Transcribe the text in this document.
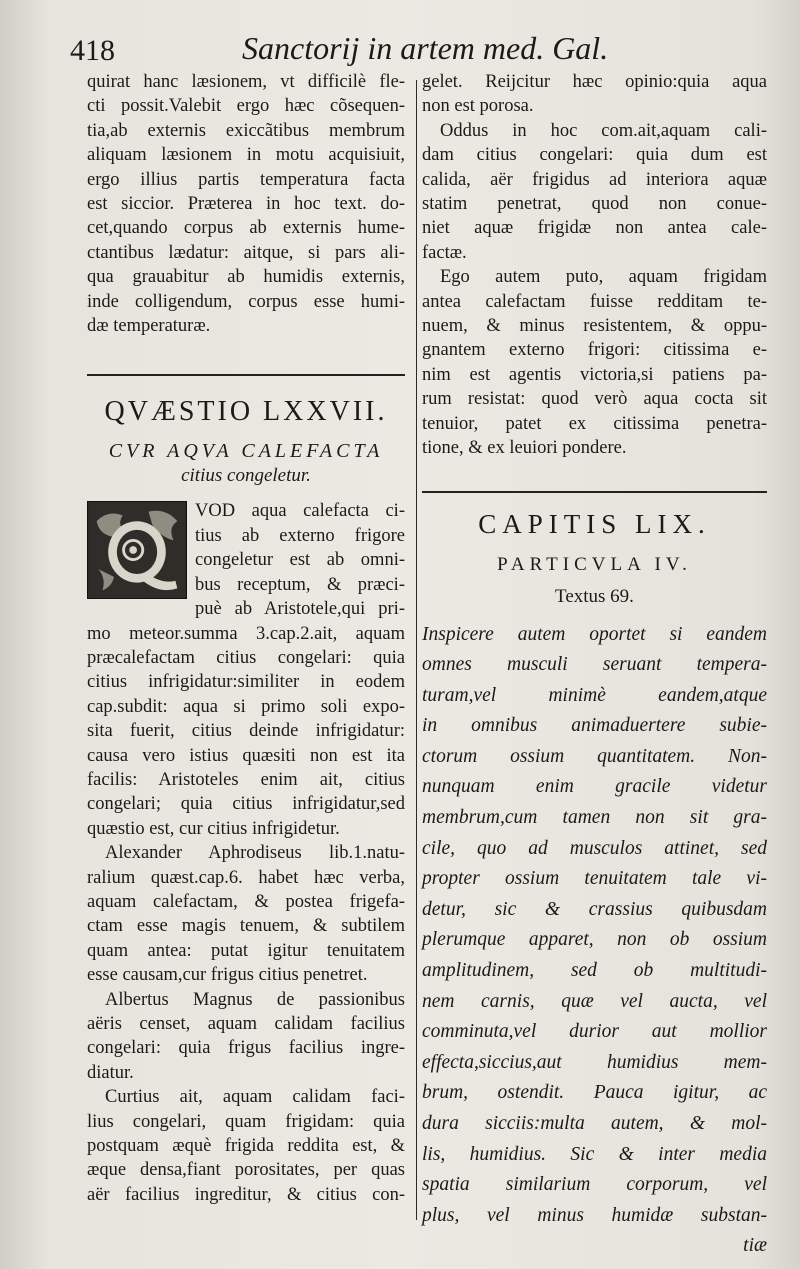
418	Sanctorij in artem med. Gal.
quirat hanc læsionem, vt difficilè fle-
cti possit.Valebit ergo hæc cõsequen-
tia,ab externis exiccãtibus membrum
aliquam læsionem in motu acquisiuit,
ergo illius partis temperatura facta
est siccior. Præterea in hoc text. do-
cet,quando corpus ab externis hume-
ctantibus lædatur: aitque, si pars ali-
qua grauabitur ab humidis externis,
inde colligendum, corpus esse humi-
dæ temperaturæ.

QVÆSTIO LXXVII.

CVR AQVA CALEFACTA

citius congeletur.

VOD aqua calefacta ci-
tius ab externo frigore
congeletur est ab omni-
bus receptum, & præci-
puè ab Aristotele,qui pri-
mo meteor.summa 3.cap.2.ait, aquam
præcalefactam citius congelari: quia
citius infrigidatur:similiter in eodem
cap.subdit: aqua si primo soli expo-
sita fuerit, citius deinde infrigidatur:
causa vero istius quæsiti non est ita
facilis: Aristoteles enim ait, citius
congelari; quia citius infrigidatur,sed
quæstio est, cur citius infrigidetur.
Alexander Aphrodiseus lib.1.natu-
ralium quæst.cap.6. habet hæc verba,
aquam calefactam, & postea frigefa-
ctam esse magis tenuem, & subtilem
quam antea: putat igitur tenuitatem
esse causam,cur frigus citius penetret.
Albertus Magnus de passionibus
aëris censet, aquam calidam facilius
congelari: quia frigus facilius ingre-
diatur.
Curtius ait, aquam calidam faci-
lius congelari, quam frigidam: quia
postquam æquè frigida reddita est, &
æque densa,fiant porositates, per quas
aër facilius ingreditur, & citius con-
gelet. Reijcitur hæc opinio:quia aqua
non est porosa.
Oddus in hoc com.ait,aquam cali-
dam citius congelari: quia dum est
calida, aër frigidus ad interiora aquæ
statim penetrat, quod non conue-
niet aquæ frigidæ non antea cale-
factæ.
Ego autem puto, aquam frigidam
antea calefactam fuisse redditam te-
nuem, & minus resistentem, & oppu-
gnantem externo frigori: citissima e-
nim est agentis victoria,si patiens pa-
rum resistat: quod verò aqua cocta sit
tenuior, patet ex citissima penetra-
tione, & ex leuiori pondere.

CAPITIS LIX.

PARTICVLA IV.

Textus 69.

Inspicere autem oportet si eandem
omnes musculi seruant tempera-
turam,vel minimè eandem,atque
in omnibus animaduertere subie-
ctorum ossium quantitatem. Non-
nunquam enim gracile videtur
membrum,cum tamen non sit gra-
cile, quo ad musculos attinet, sed
propter ossium tenuitatem tale vi-
detur, sic & crassius quibusdam
plerumque apparet, non ob ossium
amplitudinem, sed ob multitudi-
nem carnis, quæ vel aucta, vel
comminuta,vel durior aut mollior
effecta,siccius,aut humidius mem-
brum, ostendit. Pauca igitur, ac
dura sicciis:multa autem, & mol-
lis, humidius. Sic & inter media
spatia similarium corporum, vel
plus, vel minus humidæ substan-
tiæ
